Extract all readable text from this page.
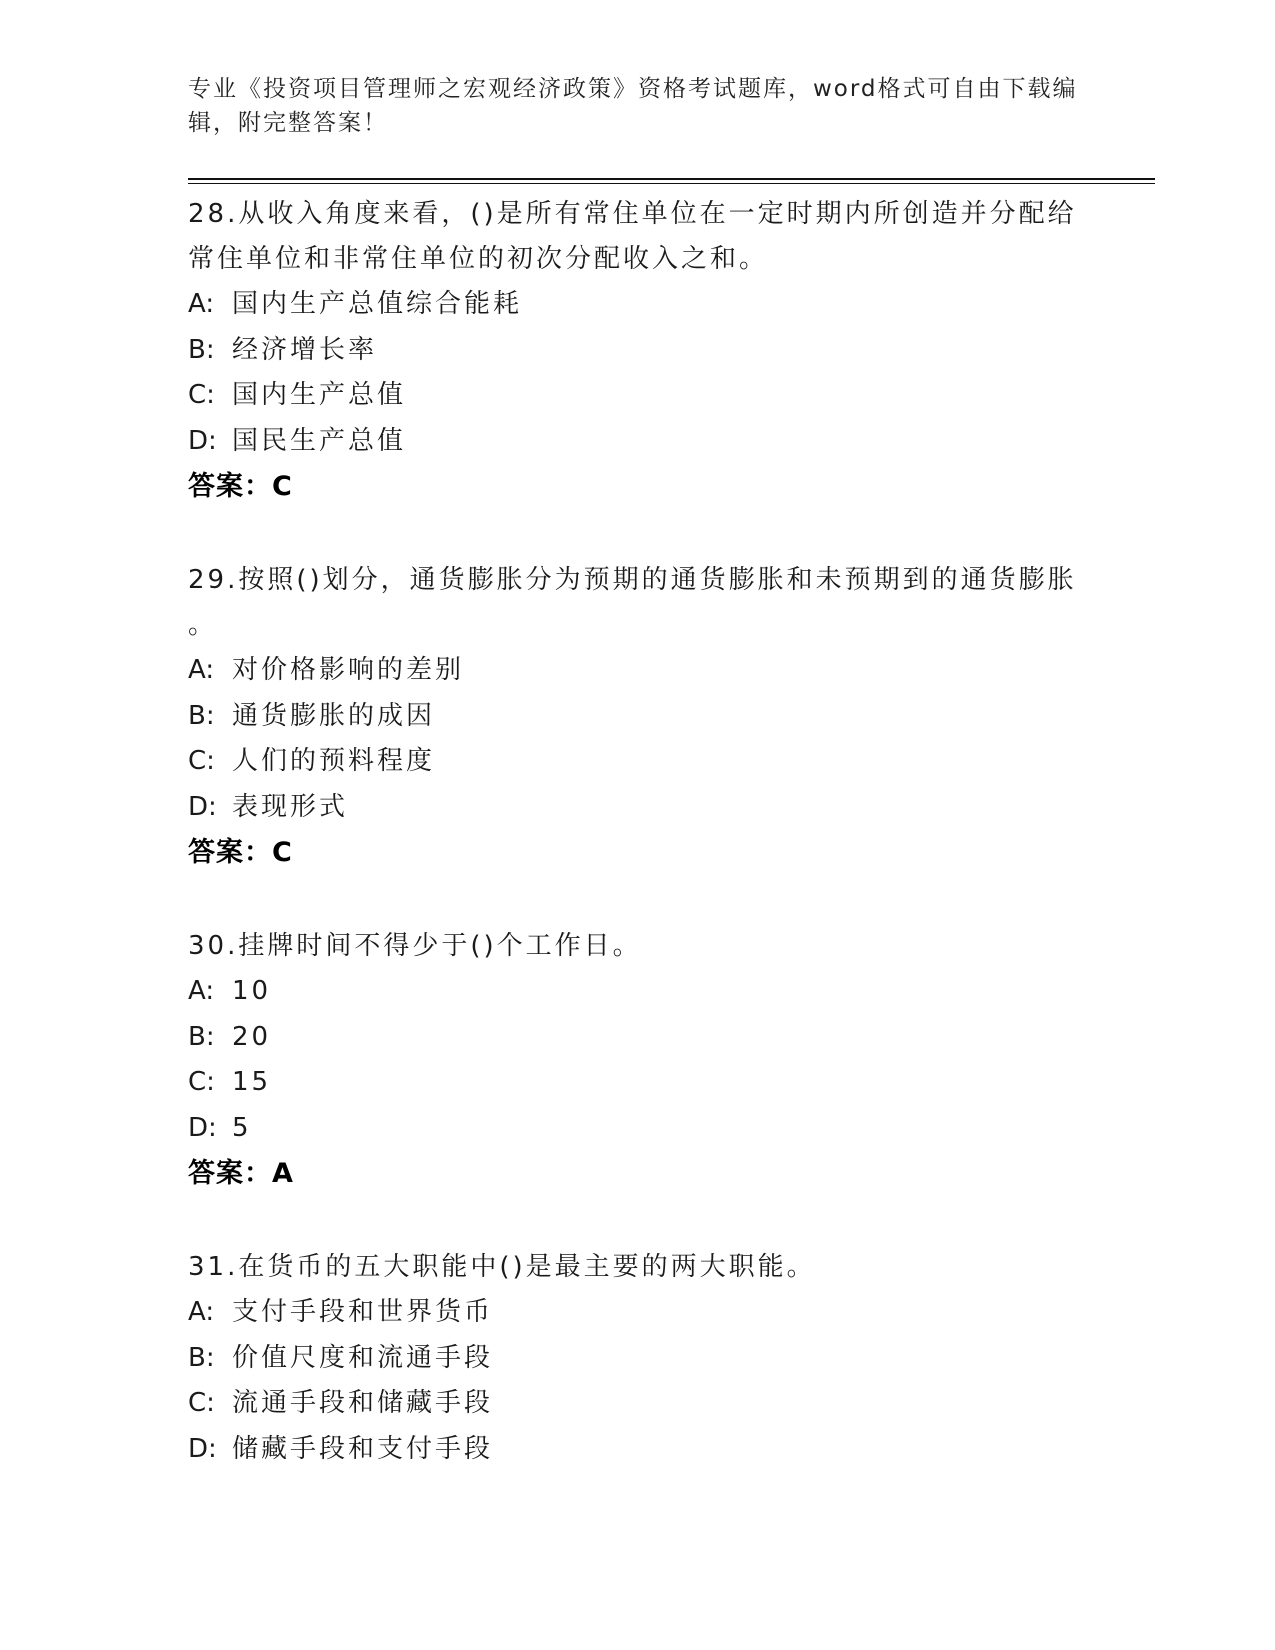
专业《投资项目管理师之宏观经济政策》资格考试题库，word格式可自由下载编
辑，附完整答案！
28.从收入角度来看，()是所有常住单位在一定时期内所创造并分配给
常住单位和非常住单位的初次分配收入之和。
A: 国内生产总值综合能耗
B: 经济增长率
C: 国内生产总值
D: 国民生产总值
答案：C
29.按照()划分，通货膨胀分为预期的通货膨胀和未预期到的通货膨胀
。
A: 对价格影响的差别
B: 通货膨胀的成因
C: 人们的预料程度
D: 表现形式
答案：C
30.挂牌时间不得少于()个工作日。
A: 10
B: 20
C: 15
D: 5
答案：A
31.在货币的五大职能中()是最主要的两大职能。
A: 支付手段和世界货币
B: 价值尺度和流通手段
C: 流通手段和储藏手段
D: 储藏手段和支付手段
